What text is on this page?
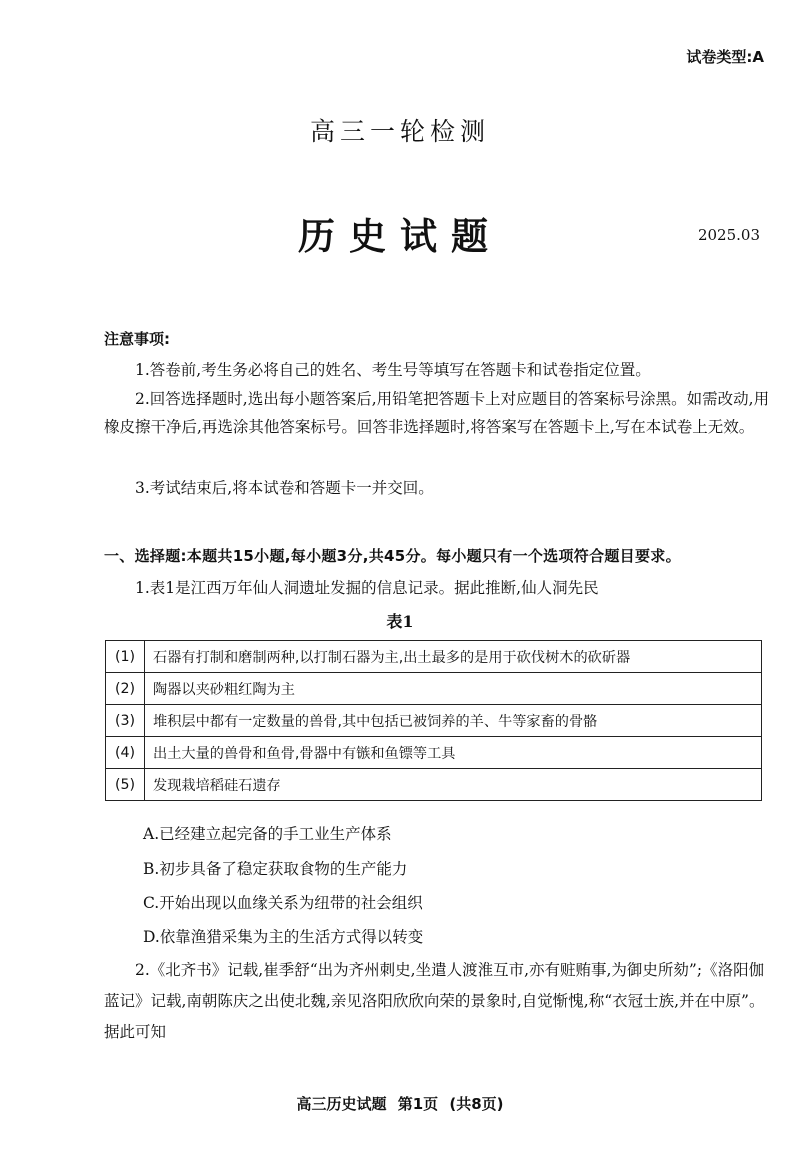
试卷类型:A
高三一轮检测
历史试题	2025.03
注意事项:
1.答卷前,考生务必将自己的姓名、考生号等填写在答题卡和试卷指定位置。
2.回答选择题时,选出每小题答案后,用铅笔把答题卡上对应题目的答案标号涂黑。如需改动,用橡皮擦干净后,再选涂其他答案标号。回答非选择题时,将答案写在答题卡上,写在本试卷上无效。
3.考试结束后,将本试卷和答题卡一并交回。
一、选择题:本题共15小题,每小题3分,共45分。每小题只有一个选项符合题目要求。
1.表1是江西万年仙人洞遗址发掘的信息记录。据此推断,仙人洞先民
表1
(1)	石器有打制和磨制两种,以打制石器为主,出土最多的是用于砍伐树木的砍斫器
(2)	陶器以夹砂粗红陶为主
(3)	堆积层中都有一定数量的兽骨,其中包括已被饲养的羊、牛等家畜的骨骼
(4)	出土大量的兽骨和鱼骨,骨器中有镞和鱼镖等工具
(5)	发现栽培稻硅石遗存
A.已经建立起完备的手工业生产体系
B.初步具备了稳定获取食物的生产能力
C.开始出现以血缘关系为纽带的社会组织
D.依靠渔猎采集为主的生活方式得以转变
2.《北齐书》记载,崔季舒“出为齐州刺史,坐遣人渡淮互市,亦有赃贿事,为御史所劾”;《洛阳伽蓝记》记载,南朝陈庆之出使北魏,亲见洛阳欣欣向荣的景象时,自觉惭愧,称“衣冠士族,并在中原”。据此可知
高三历史试题 第1页 (共8页)
